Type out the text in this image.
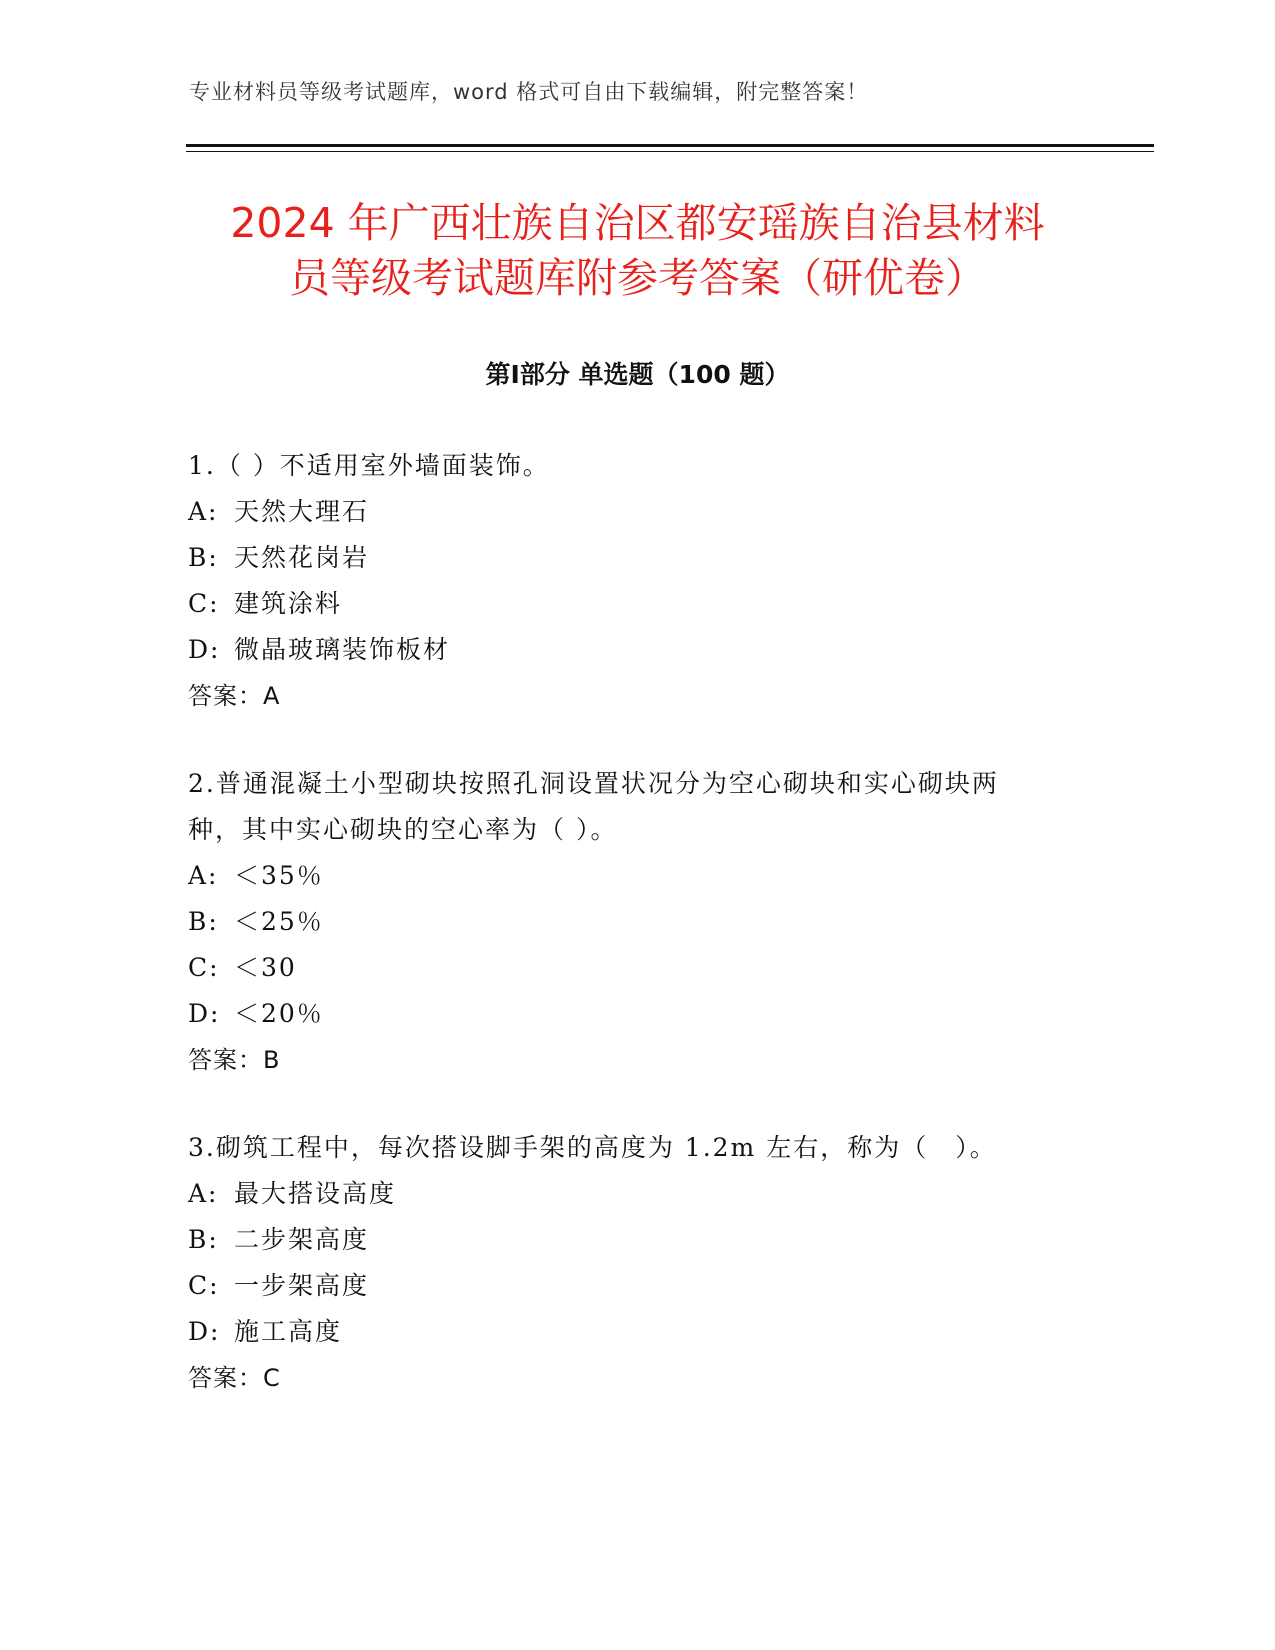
专业材料员等级考试题库，word 格式可自由下载编辑，附完整答案！
2024 年广西壮族自治区都安瑶族自治县材料
员等级考试题库附参考答案（研优卷）
第Ⅰ部分 单选题（100 题）
1.（ ）不适用室外墙面装饰。
A: 天然大理石
B: 天然花岗岩
C: 建筑涂料
D: 微晶玻璃装饰板材
答案：A
2.普通混凝土小型砌块按照孔洞设置状况分为空心砌块和实心砌块两
种，其中实心砌块的空心率为（ ）。
A: ＜35％
B: ＜25％
C: ＜30
D: ＜20％
答案：B
3.砌筑工程中，每次搭设脚手架的高度为 1.2m 左右，称为（　）。
A: 最大搭设高度
B: 二步架高度
C: 一步架高度
D: 施工高度
答案：C
